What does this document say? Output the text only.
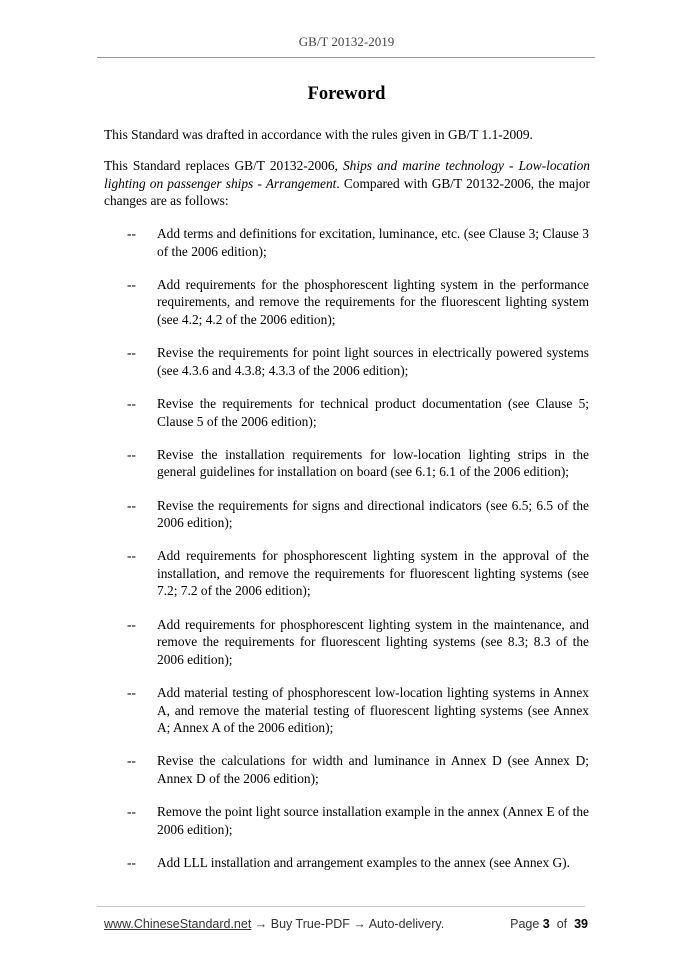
GB/T 20132-2019
Foreword
This Standard was drafted in accordance with the rules given in GB/T 1.1-2009.
This Standard replaces GB/T 20132-2006, Ships and marine technology - Low-location lighting on passenger ships - Arrangement. Compared with GB/T 20132-2006, the major changes are as follows:
-- Add terms and definitions for excitation, luminance, etc. (see Clause 3; Clause 3 of the 2006 edition);
-- Add requirements for the phosphorescent lighting system in the performance requirements, and remove the requirements for the fluorescent lighting system (see 4.2; 4.2 of the 2006 edition);
-- Revise the requirements for point light sources in electrically powered systems (see 4.3.6 and 4.3.8; 4.3.3 of the 2006 edition);
-- Revise the requirements for technical product documentation (see Clause 5; Clause 5 of the 2006 edition);
-- Revise the installation requirements for low-location lighting strips in the general guidelines for installation on board (see 6.1; 6.1 of the 2006 edition);
-- Revise the requirements for signs and directional indicators (see 6.5; 6.5 of the 2006 edition);
-- Add requirements for phosphorescent lighting system in the approval of the installation, and remove the requirements for fluorescent lighting systems (see 7.2; 7.2 of the 2006 edition);
-- Add requirements for phosphorescent lighting system in the maintenance, and remove the requirements for fluorescent lighting systems (see 8.3; 8.3 of the 2006 edition);
-- Add material testing of phosphorescent low-location lighting systems in Annex A, and remove the material testing of fluorescent lighting systems (see Annex A; Annex A of the 2006 edition);
-- Revise the calculations for width and luminance in Annex D (see Annex D; Annex D of the 2006 edition);
-- Remove the point light source installation example in the annex (Annex E of the 2006 edition);
-- Add LLL installation and arrangement examples to the annex (see Annex G).
www.ChineseStandard.net → Buy True-PDF → Auto-delivery.	Page 3 of 39
